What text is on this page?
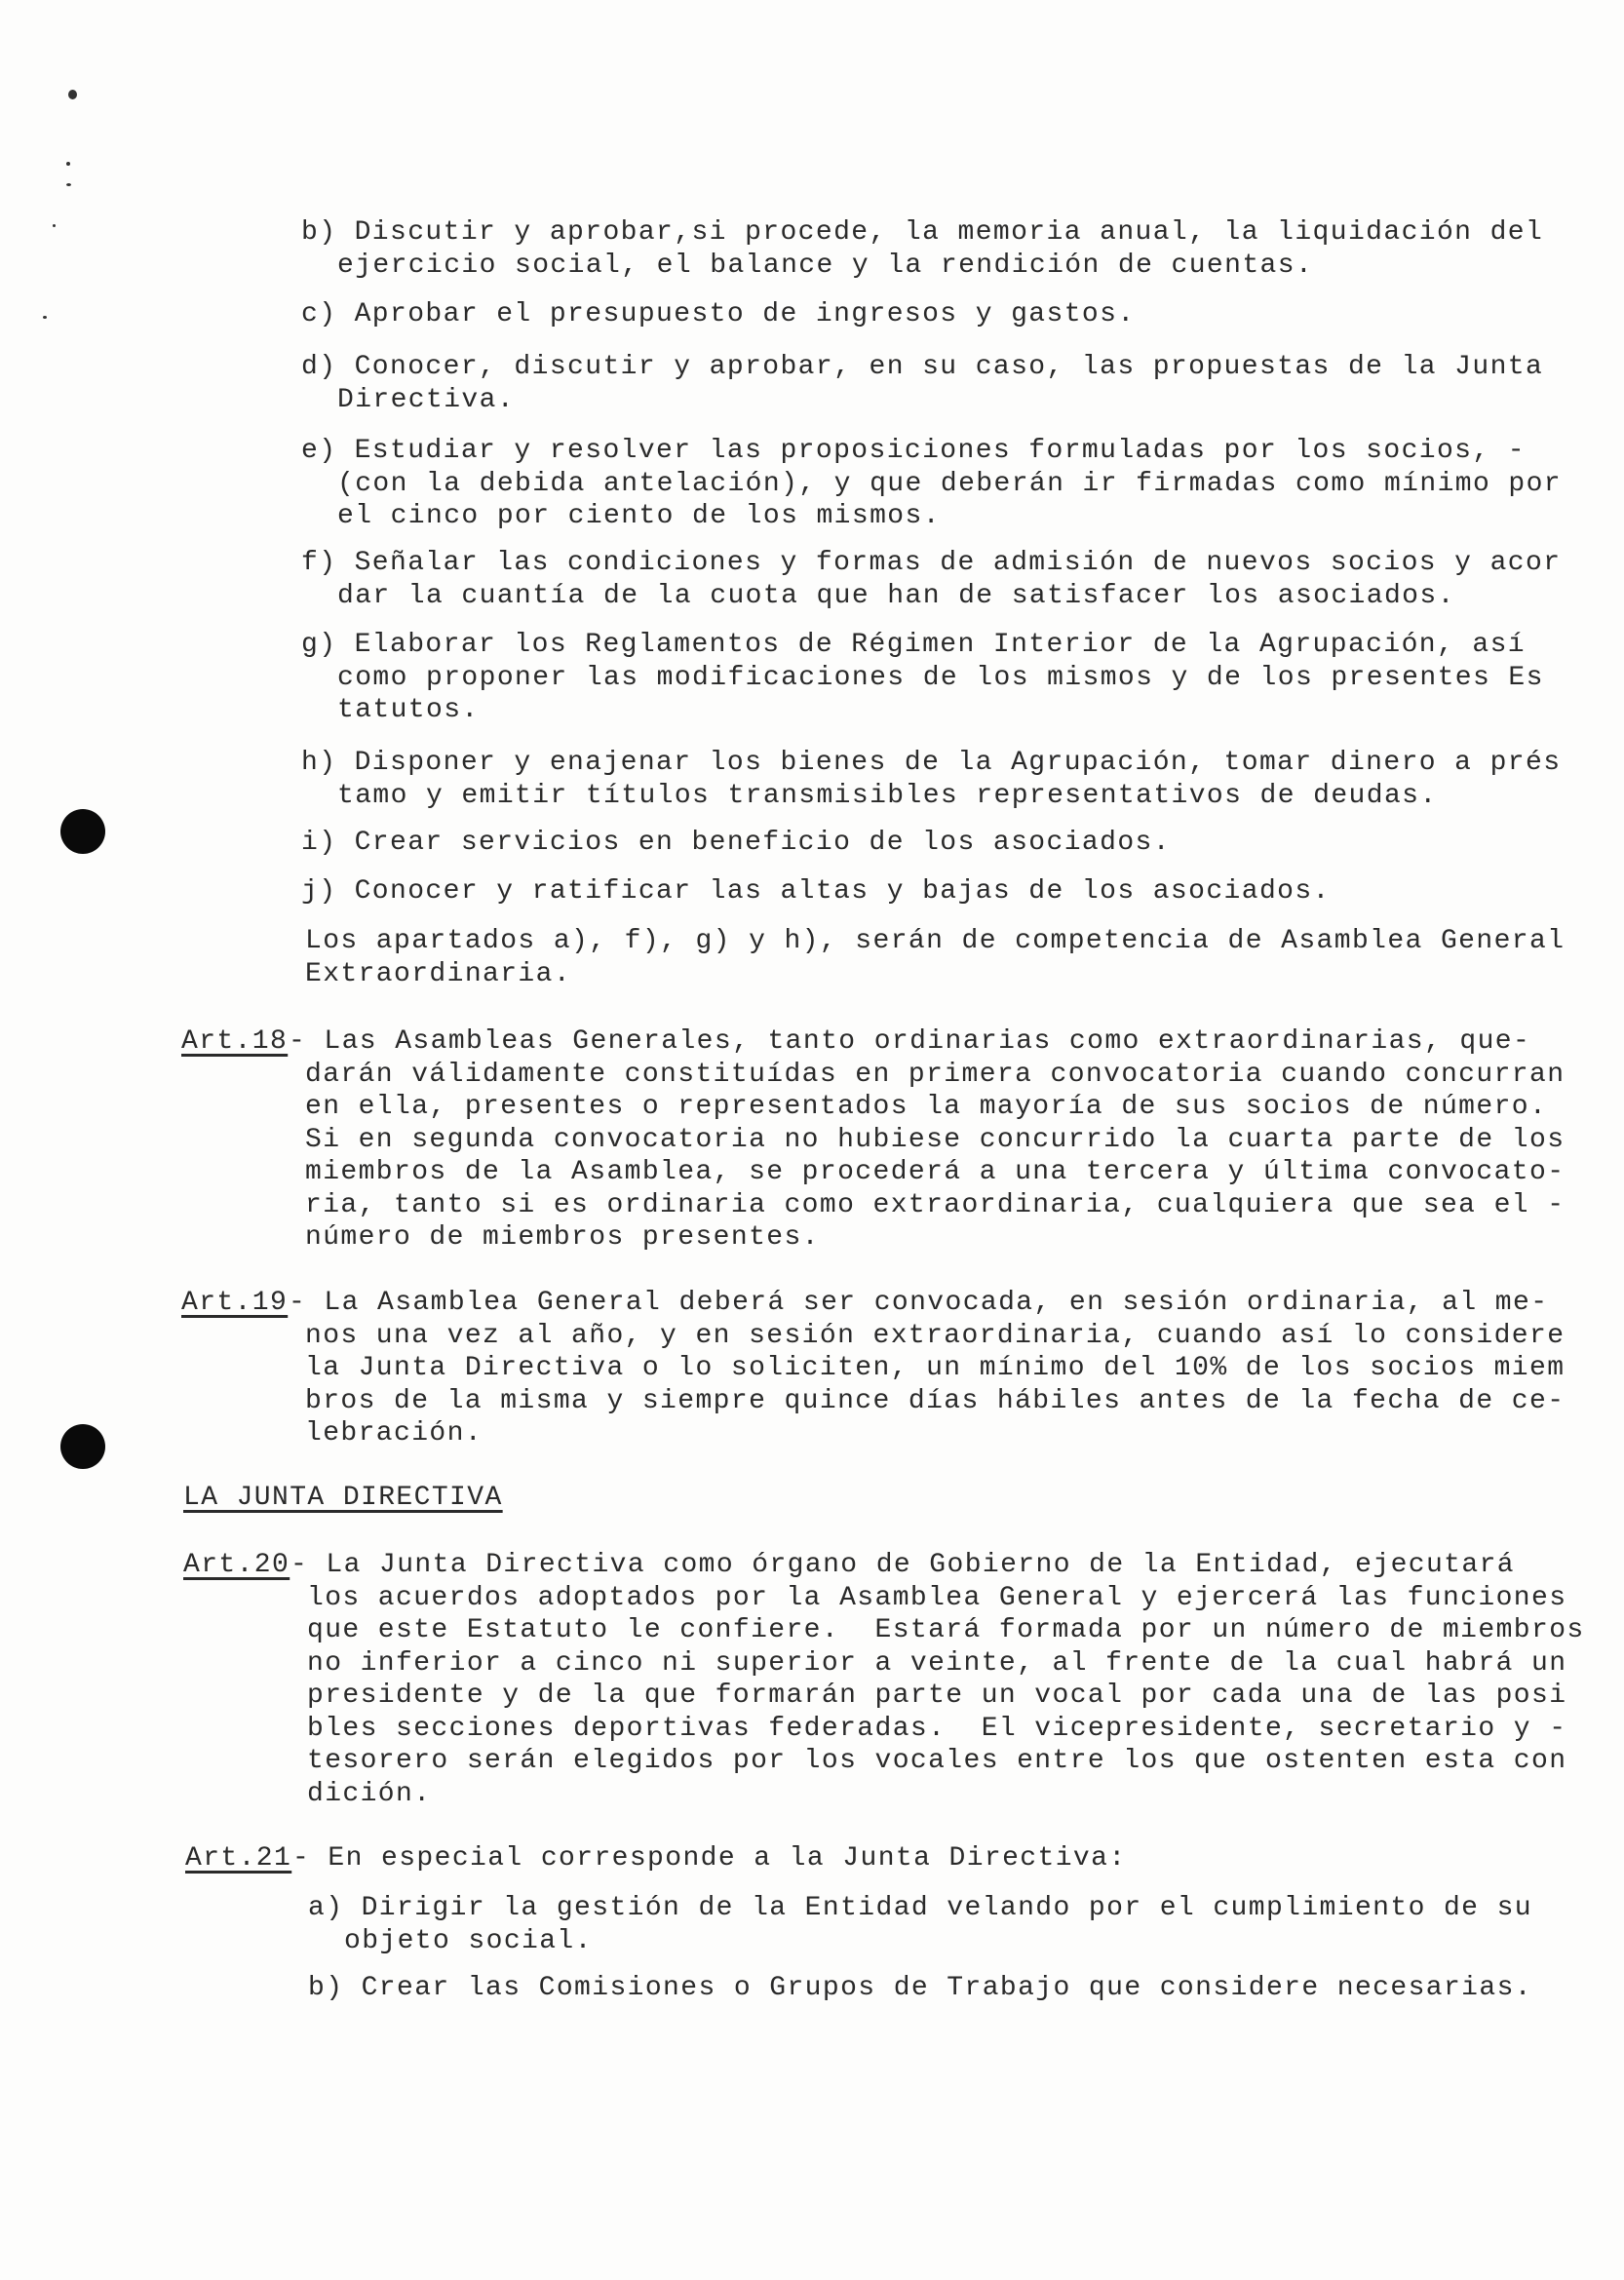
b) Discutir y aprobar,si procede, la memoria anual, la liquidación del
ejercicio social, el balance y la rendición de cuentas.
c) Aprobar el presupuesto de ingresos y gastos.
d) Conocer, discutir y aprobar, en su caso, las propuestas de la Junta
Directiva.
e) Estudiar y resolver las proposiciones formuladas por los socios, -
(con la debida antelación), y que deberán ir firmadas como mínimo por
el cinco por ciento de los mismos.
f) Señalar las condiciones y formas de admisión de nuevos socios y acor
dar la cuantía de la cuota que han de satisfacer los asociados.
g) Elaborar los Reglamentos de Régimen Interior de la Agrupación, así
como proponer las modificaciones de los mismos y de los presentes Es
tatutos.
h) Disponer y enajenar los bienes de la Agrupación, tomar dinero a prés
tamo y emitir títulos transmisibles representativos de deudas.
i) Crear servicios en beneficio de los asociados.
j) Conocer y ratificar las altas y bajas de los asociados.
Los apartados a), f), g) y h), serán de competencia de Asamblea General
Extraordinaria.
Art.18 - Las Asambleas Generales, tanto ordinarias como extraordinarias, que-
darán válidamente constituídas en primera convocatoria cuando concurran
en ella, presentes o representados la mayoría de sus socios de número.
Si en segunda convocatoria no hubiese concurrido la cuarta parte de los
miembros de la Asamblea, se procederá a una tercera y última convocato-
ria, tanto si es ordinaria como extraordinaria, cualquiera que sea el -
número de miembros presentes.
Art.19 - La Asamblea General deberá ser convocada, en sesión ordinaria, al me-
nos una vez al año, y en sesión extraordinaria, cuando así lo considere
la Junta Directiva o lo soliciten, un mínimo del 10% de los socios miem
bros de la misma y siempre quince días hábiles antes de la fecha de ce-
lebración.
LA JUNTA DIRECTIVA
Art.20 - La Junta Directiva como órgano de Gobierno de la Entidad, ejecutará
los acuerdos adoptados por la Asamblea General y ejercerá las funciones
que este Estatuto le confiere.  Estará formada por un número de miembros
no inferior a cinco ni superior a veinte, al frente de la cual habrá un
presidente y de la que formarán parte un vocal por cada una de las posi
bles secciones deportivas federadas.  El vicepresidente, secretario y -
tesorero serán elegidos por los vocales entre los que ostenten esta con
dición.
Art.21 - En especial corresponde a la Junta Directiva:
a) Dirigir la gestión de la Entidad velando por el cumplimiento de su
objeto social.
b) Crear las Comisiones o Grupos de Trabajo que considere necesarias.
